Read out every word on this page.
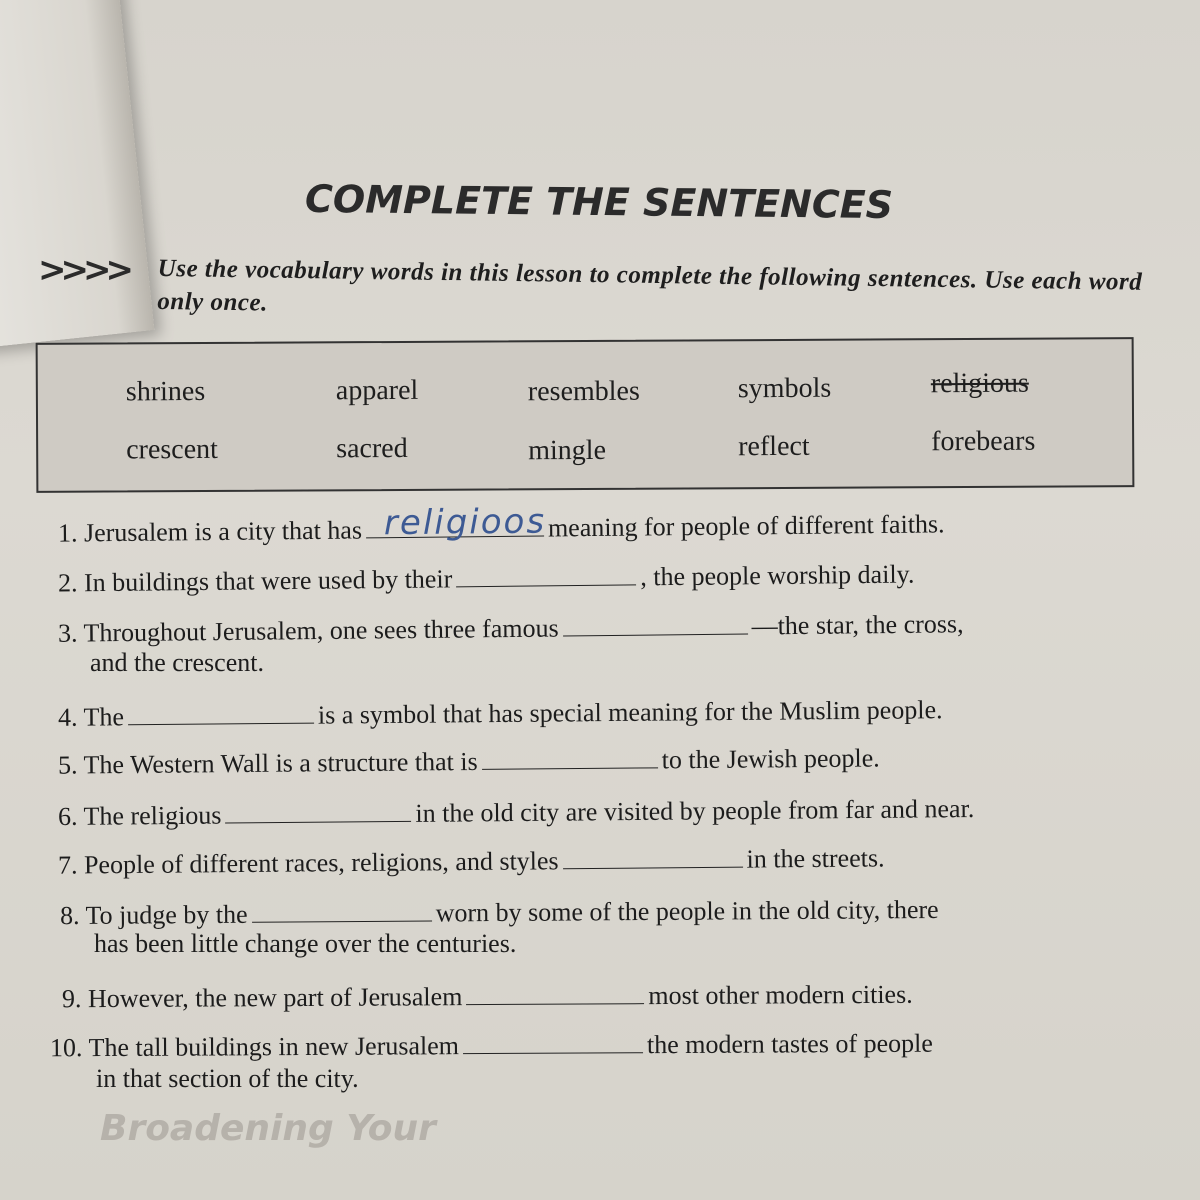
COMPLETE THE SENTENCES
>>>> Use the vocabulary words in this lesson to complete the following sentences. Use each word only once.
shrines	apparel	resembles	symbols	religious
crescent	sacred	mingle	reflect	forebears
1. Jerusalem is a city that has religioos meaning for people of different faiths.
2. In buildings that were used by their	, the people worship daily.
3. Throughout Jerusalem, one sees three famous	—the star, the cross,
and the crescent.
4. The	is a symbol that has special meaning for the Muslim people.
5. The Western Wall is a structure that is	to the Jewish people.
6. The religious	in the old city are visited by people from far and near.
7. People of different races, religions, and styles	in the streets.
8. To judge by the	worn by some of the people in the old city, there
has been little change over the centuries.
9. However, the new part of Jerusalem	most other modern cities.
10. The tall buildings in new Jerusalem	the modern tastes of people
in that section of the city.
Broadening Your
